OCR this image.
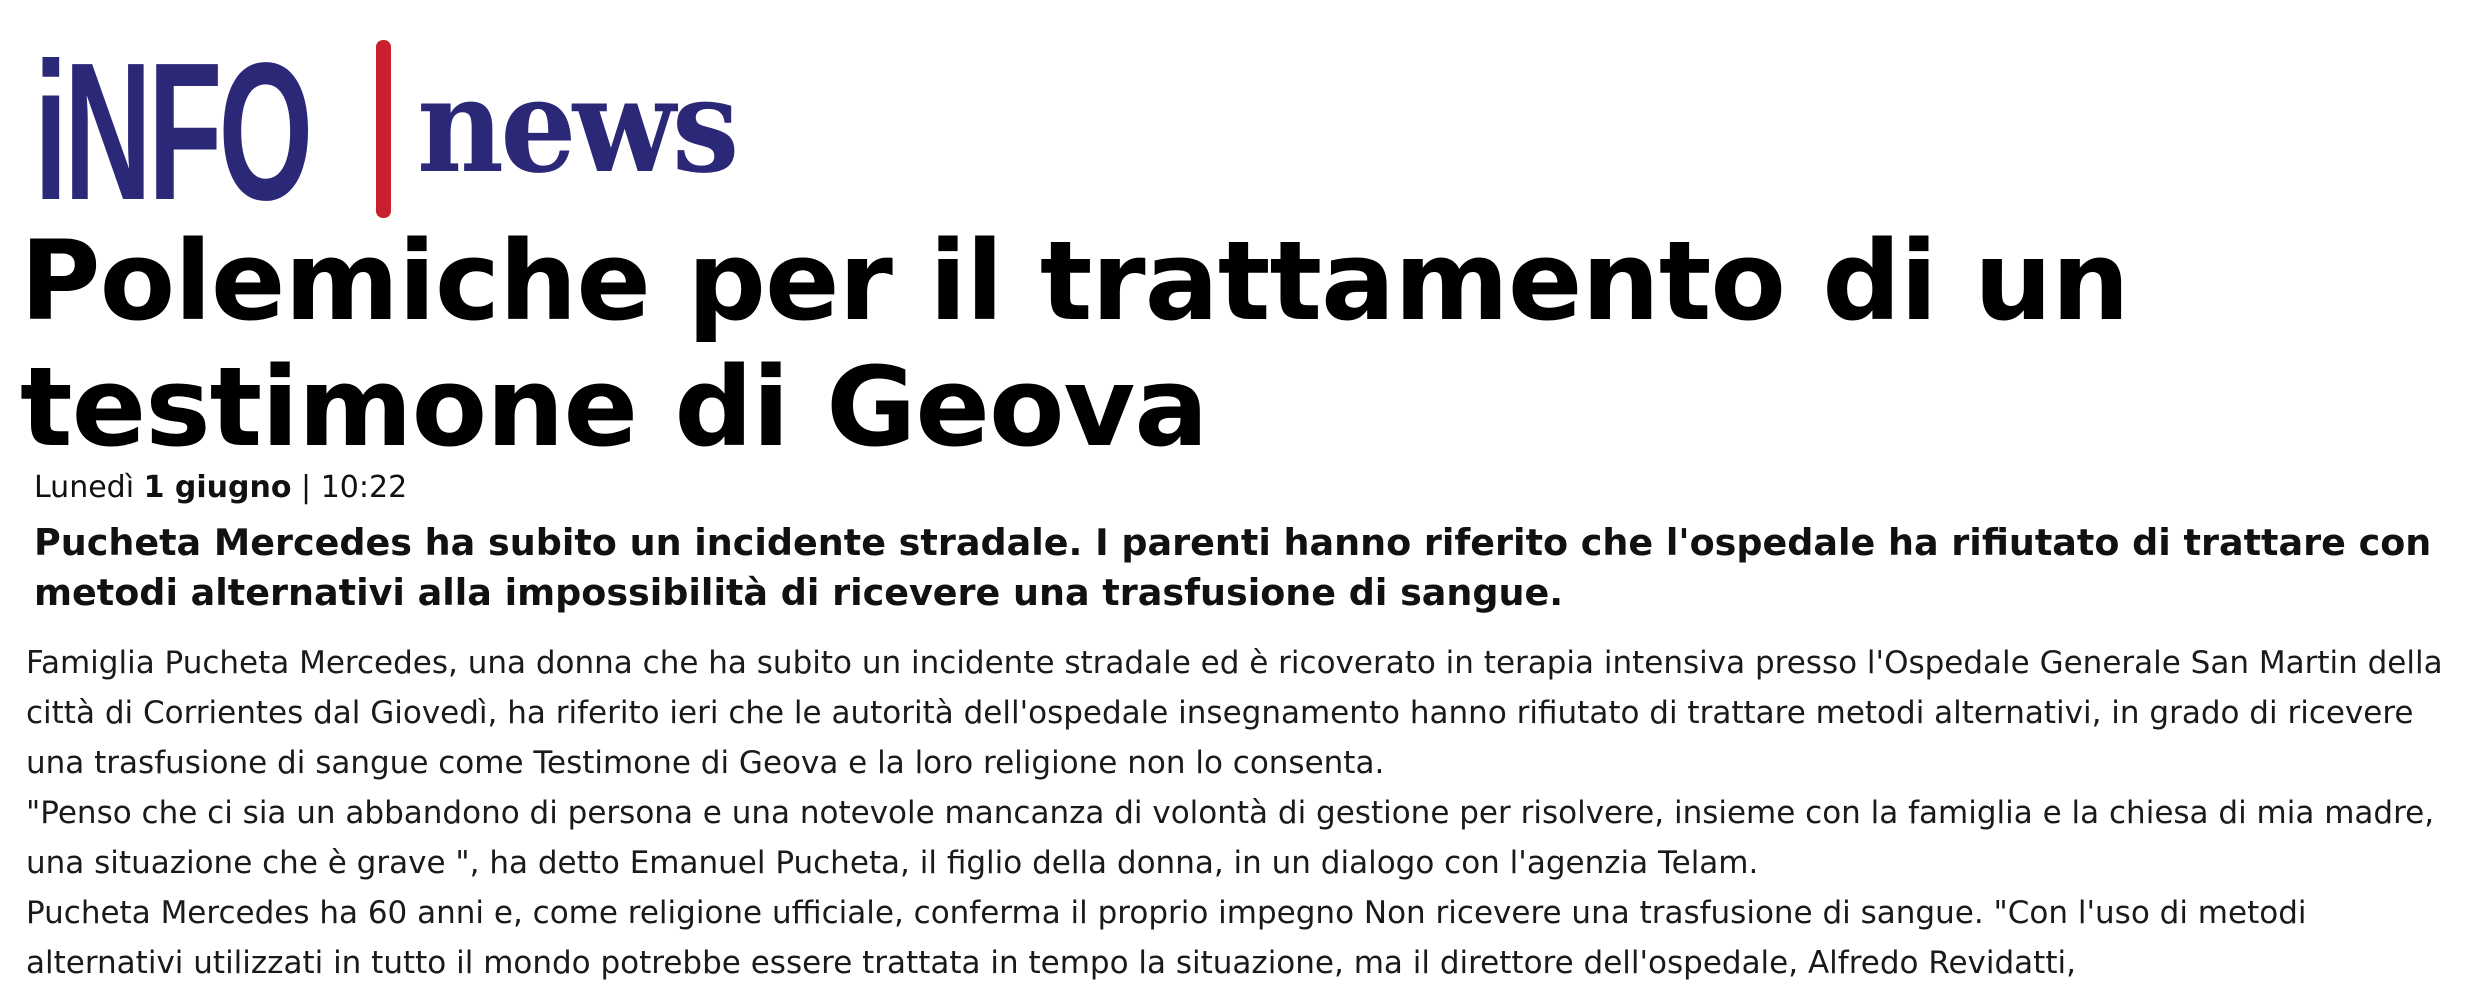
iNFO news
Polemiche per il trattamento di un testimone di Geova
Lunedì 1 giugno | 10:22
Pucheta Mercedes ha subito un incidente stradale. I parenti hanno riferito che l'ospedale ha rifiutato di trattare con metodi alternativi alla impossibilità di ricevere una trasfusione di sangue.

Famiglia Pucheta Mercedes, una donna che ha subito un incidente stradale ed è ricoverato in terapia intensiva presso l'Ospedale Generale San Martin della città di Corrientes dal Giovedì, ha riferito ieri che le autorità dell'ospedale insegnamento hanno rifiutato di trattare metodi alternativi, in grado di ricevere una trasfusione di sangue come Testimone di Geova e la loro religione non lo consenta.

"Penso che ci sia un abbandono di persona e una notevole mancanza di volontà di gestione per risolvere, insieme con la famiglia e la chiesa di mia madre, una situazione che è grave ", ha detto Emanuel Pucheta, il figlio della donna, in un dialogo con l'agenzia Telam.

Pucheta Mercedes ha 60 anni e, come religione ufficiale, conferma il proprio impegno Non ricevere una trasfusione di sangue. "Con l'uso di metodi alternativi utilizzati in tutto il mondo potrebbe essere trattata in tempo la situazione, ma il direttore dell'ospedale, Alfredo Revidatti,
